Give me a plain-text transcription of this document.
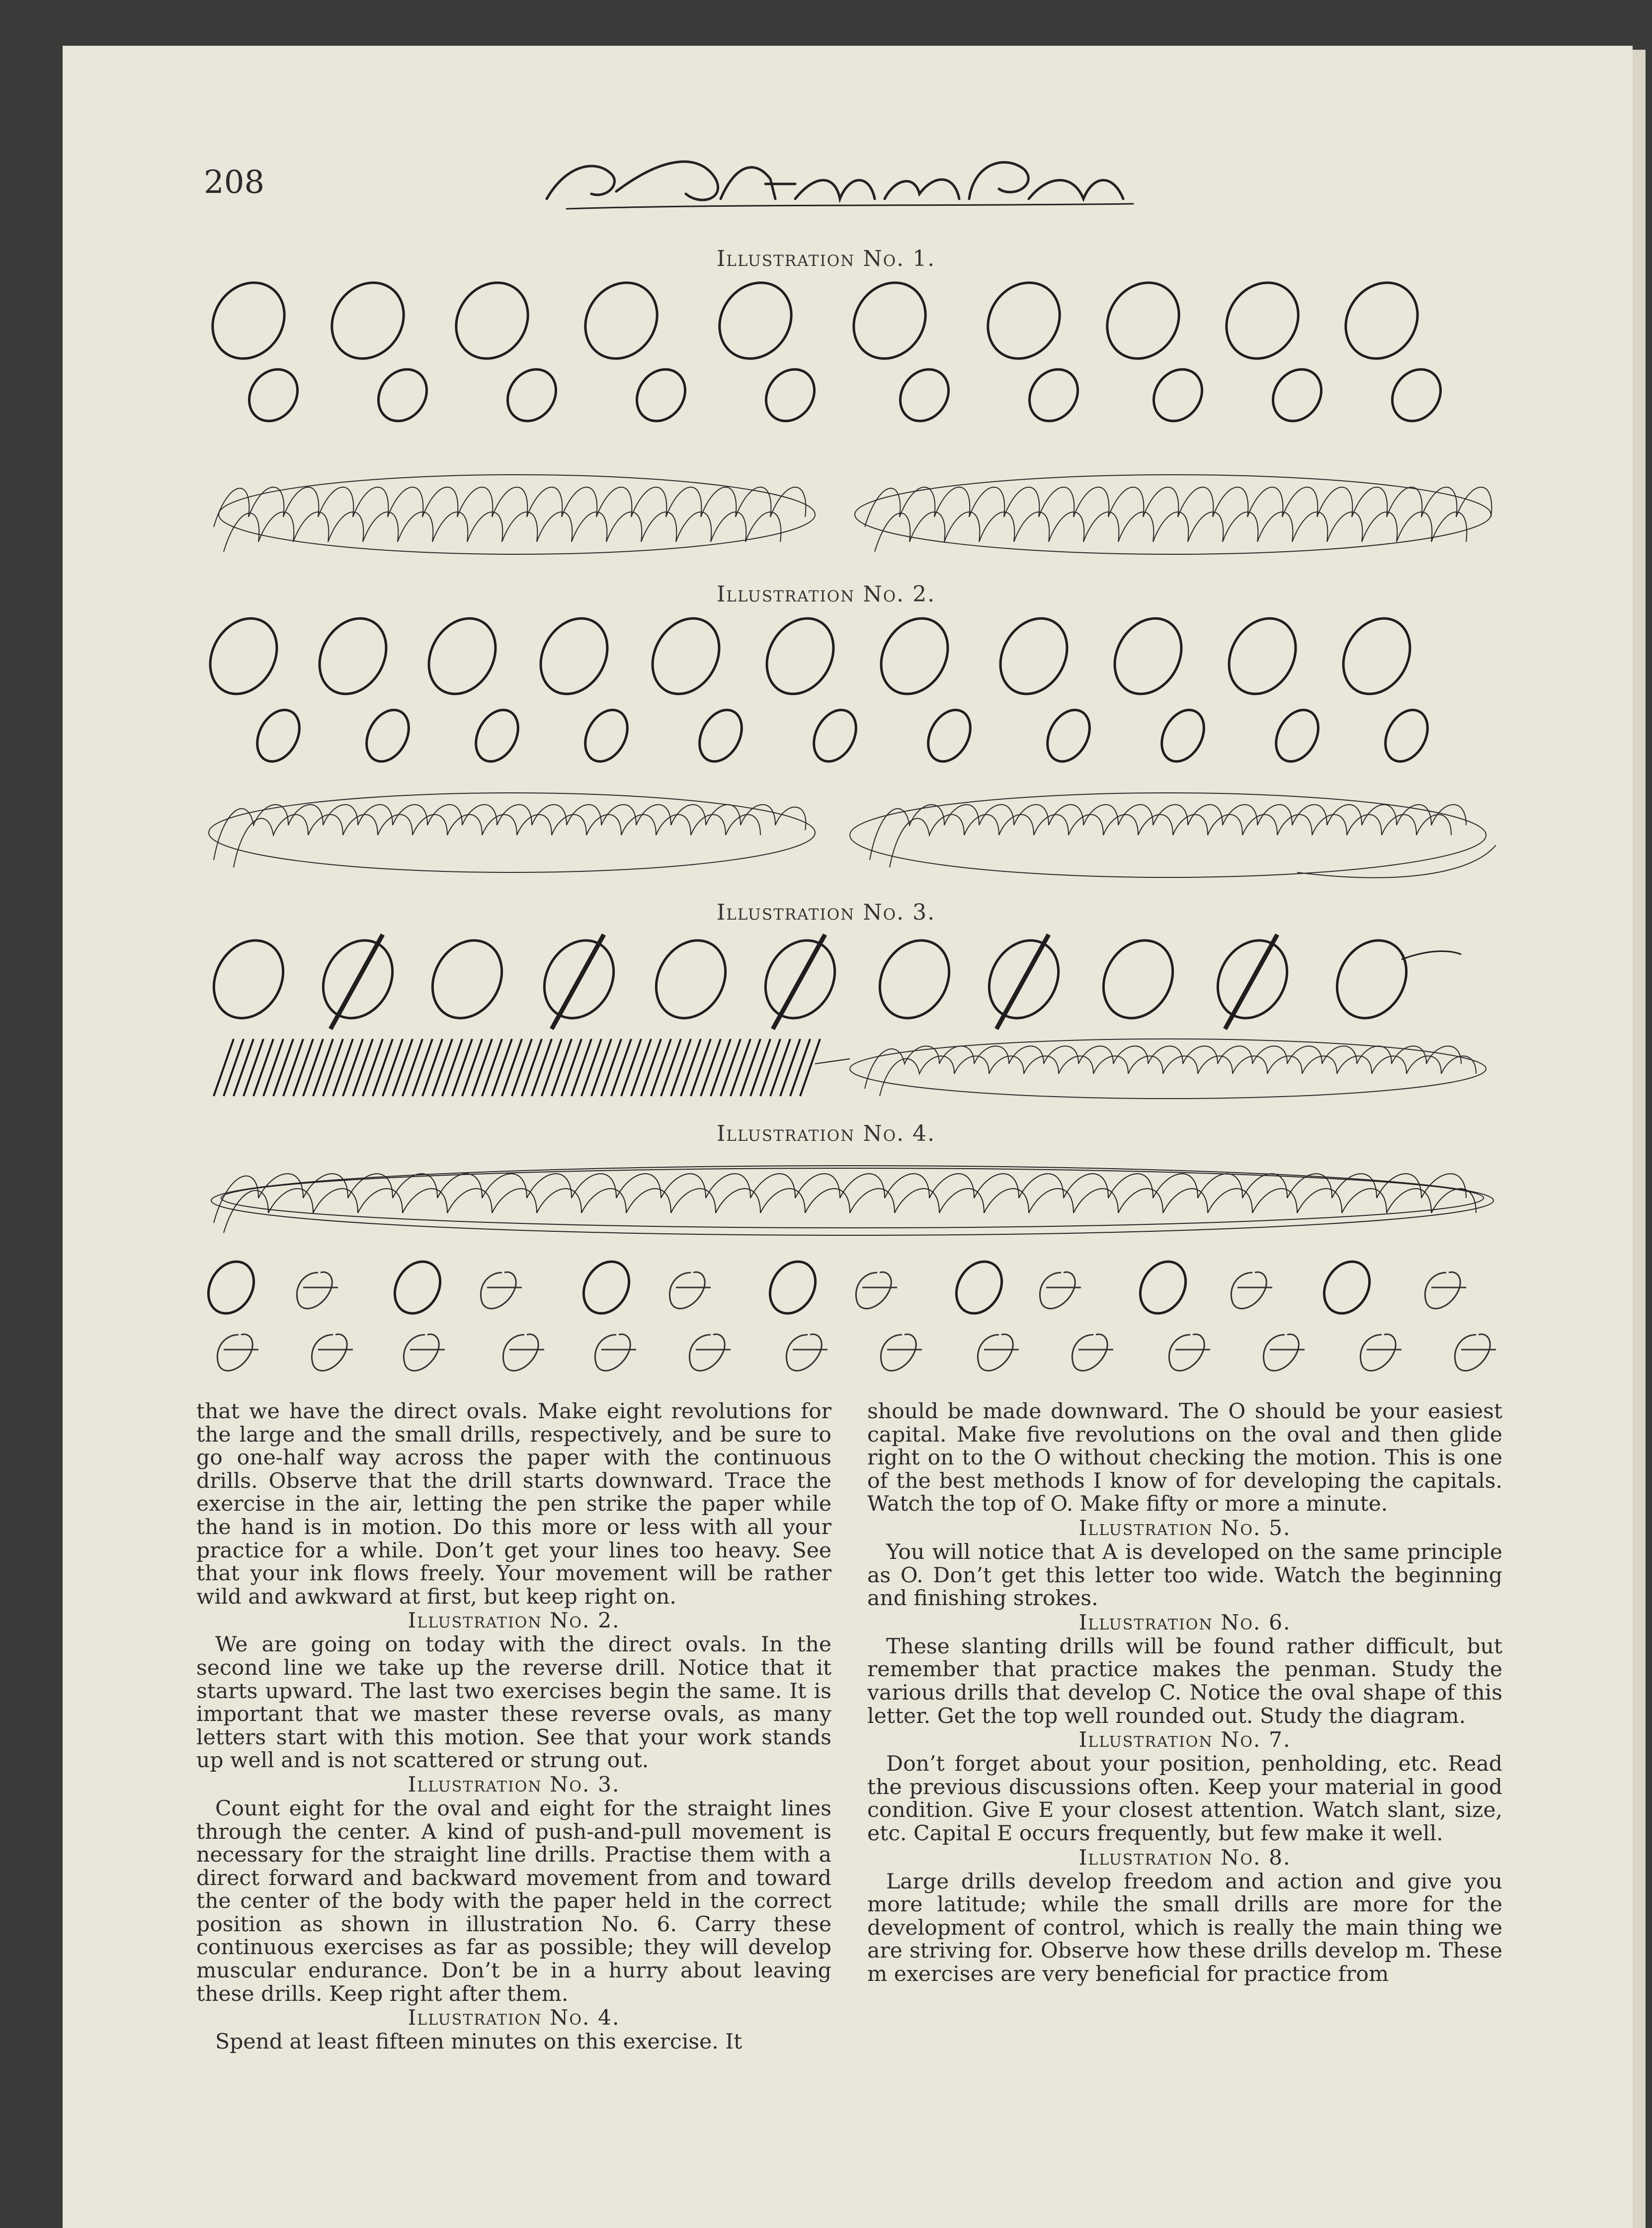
208
The American Penman
Illustration No. 1.
Illustration No. 2.
Illustration No. 3.
Illustration No. 4.

that we have the direct ovals. Make eight revolutions for the large and the small drills, respectively, and be sure to go one-half way across the paper with the continuous drills. Observe that the drill starts downward. Trace the exercise in the air, letting the pen strike the paper while the hand is in motion. Do this more or less with all your practice for a while. Don’t get your lines too heavy. See that your ink flows freely. Your movement will be rather wild and awkward at first, but keep right on.

Illustration No. 2.

We are going on today with the direct ovals. In the second line we take up the reverse drill. Notice that it starts upward. The last two exercises begin the same. It is important that we master these reverse ovals, as many letters start with this motion. See that your work stands up well and is not scattered or strung out.

Illustration No. 3.

Count eight for the oval and eight for the straight lines through the center. A kind of push-and-pull movement is necessary for the straight line drills. Practise them with a direct forward and backward movement from and toward the center of the body with the paper held in the correct position as shown in illustration No. 6. Carry these continuous exercises as far as possible; they will develop muscular endurance. Don’t be in a hurry about leaving these drills. Keep right after them.

Illustration No. 4.

Spend at least fifteen minutes on this exercise. It

should be made downward. The O should be your easiest capital. Make five revolutions on the oval and then glide right on to the O without checking the motion. This is one of the best methods I know of for developing the capitals. Watch the top of O. Make fifty or more a minute.

Illustration No. 5.

You will notice that A is developed on the same principle as O. Don’t get this letter too wide. Watch the beginning and finishing strokes.

Illustration No. 6.

These slanting drills will be found rather difficult, but remember that practice makes the penman. Study the various drills that develop C. Notice the oval shape of this letter. Get the top well rounded out. Study the diagram.

Illustration No. 7.

Don’t forget about your position, penholding, etc. Read the previous discussions often. Keep your material in good condition. Give E your closest attention. Watch slant, size, etc. Capital E occurs frequently, but few make it well.

Illustration No. 8.

Large drills develop freedom and action and give you more latitude; while the small drills are more for the development of control, which is really the main thing we are striving for. Observe how these drills develop m. These m exercises are very beneficial for practice from
